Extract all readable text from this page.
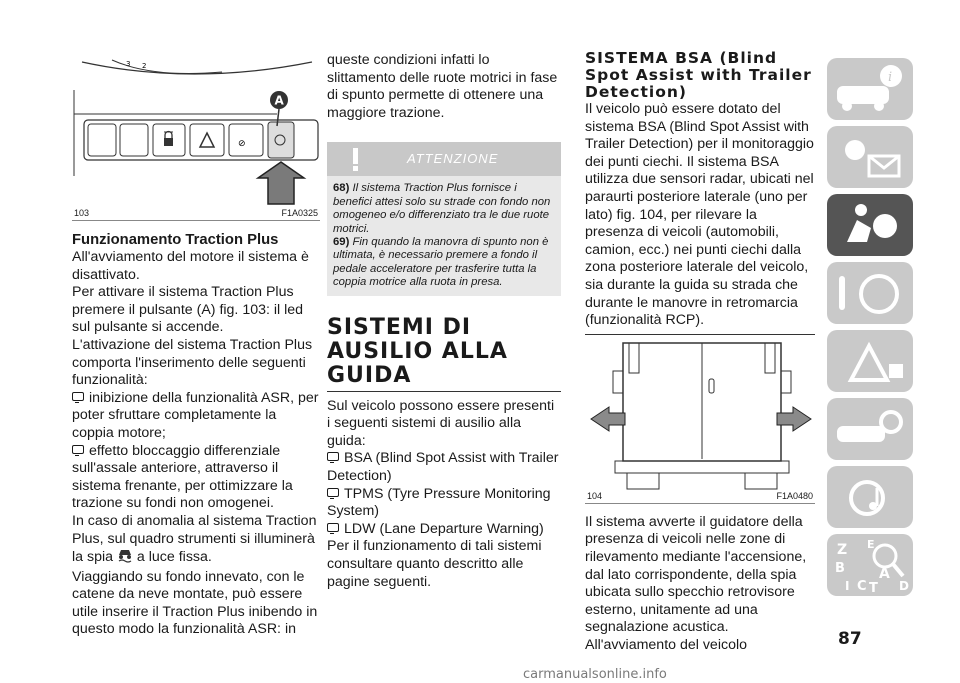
3 2
⊘
A
103	F1A0325

Funzionamento Traction Plus

All'avviamento del motore il sistema è disattivato.

Per attivare il sistema Traction Plus premere il pulsante (A) fig. 103: il led sul pulsante si accende.

L'attivazione del sistema Traction Plus comporta l'inserimento delle seguenti funzionalità:

inibizione della funzionalità ASR, per poter sfruttare completamente la coppia motore;

effetto bloccaggio differenziale sull'assale anteriore, attraverso il sistema frenante, per ottimizzare la trazione su fondi non omogenei.

In caso di anomalia al sistema Traction Plus, sul quadro strumenti si illuminerà la spia a luce fissa.

Viaggiando su fondo innevato, con le catene da neve montate, può essere utile inserire il Traction Plus inibendo in questo modo la funzionalità ASR: in

queste condizioni infatti lo slittamento delle ruote motrici in fase di spunto permette di ottenere una maggiore trazione.

ATTENZIONE
68) Il sistema Traction Plus fornisce i benefici attesi solo su strade con fondo non omogeneo e/o differenziato tra le due ruote motrici.
69) Fin quando la manovra di spunto non è ultimata, è necessario premere a fondo il pedale acceleratore per trasferire tutta la coppia motrice alla ruota in presa.

SISTEMI DI AUSILIO ALLA GUIDA

Sul veicolo possono essere presenti i seguenti sistemi di ausilio alla guida:

BSA (Blind Spot Assist with Trailer Detection)

TPMS (Tyre Pressure Monitoring System)

LDW (Lane Departure Warning)

Per il funzionamento di tali sistemi consultare quanto descritto alle pagine seguenti.

SISTEMA BSA (Blind Spot Assist with Trailer Detection)

Il veicolo può essere dotato del sistema BSA (Blind Spot Assist with Trailer Detection) per il monitoraggio dei punti ciechi. Il sistema BSA utilizza due sensori radar, ubicati nel paraurti posteriore laterale (uno per lato) fig. 104, per rilevare la presenza di veicoli (automobili, camion, ecc.) nei punti ciechi dalla zona posteriore laterale del veicolo, sia durante la guida su strada che durante le manovre in retromarcia (funzionalità RCP).

104	F1A0480

Il sistema avverte il guidatore della presenza di veicoli nelle zone di rilevamento mediante l'accensione, dal lato corrispondente, della spia ubicata sullo specchio retrovisore esterno, unitamente ad una segnalazione acustica. All'avviamento del veicolo

i
Z E
B A
I C T D
87
carmanualsonline.info
